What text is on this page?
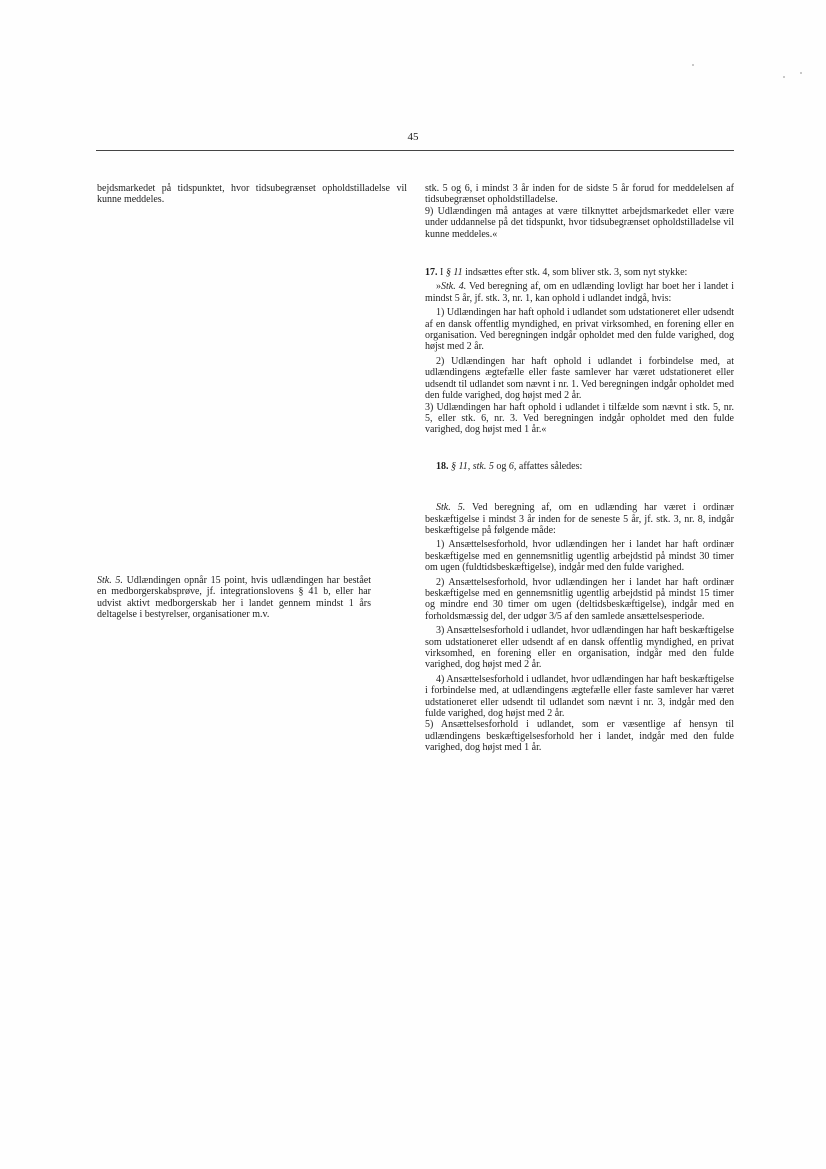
45

bejdsmarkedet på tidspunktet, hvor tidsubegrænset opholdstilladelse vil kunne meddeles.

Stk. 5. Udlændingen opnår 15 point, hvis udlændingen har bestået en medborgerskabsprøve, jf. integrationslovens § 41 b, eller har udvist aktivt medborgerskab her i landet gennem mindst 1 års deltagelse i bestyrelser, organisationer m.v.

stk. 5 og 6, i mindst 3 år inden for de sidste 5 år forud for meddelelsen af tidsubegrænset opholdstilladelse.

9) Udlændingen må antages at være tilknyttet arbejdsmarkedet eller være under uddannelse på det tidspunkt, hvor tidsubegrænset opholdstilladelse vil kunne meddeles.«

17. I § 11 indsættes efter stk. 4, som bliver stk. 3, som nyt stykke:

»Stk. 4. Ved beregning af, om en udlænding lovligt har boet her i landet i mindst 5 år, jf. stk. 3, nr. 1, kan ophold i udlandet indgå, hvis:

1) Udlændingen har haft ophold i udlandet som udstationeret eller udsendt af en dansk offentlig myndighed, en privat virksomhed, en forening eller en organisation. Ved beregningen indgår opholdet med den fulde varighed, dog højst med 2 år.

2) Udlændingen har haft ophold i udlandet i forbindelse med, at udlændingens ægtefælle eller faste samlever har været udstationeret eller udsendt til udlandet som nævnt i nr. 1. Ved beregningen indgår opholdet med den fulde varighed, dog højst med 2 år.

3) Udlændingen har haft ophold i udlandet i tilfælde som nævnt i stk. 5, nr. 5, eller stk. 6, nr. 3. Ved beregningen indgår opholdet med den fulde varighed, dog højst med 1 år.«

18. § 11, stk. 5 og 6, affattes således:

Stk. 5. Ved beregning af, om en udlænding har været i ordinær beskæftigelse i mindst 3 år inden for de seneste 5 år, jf. stk. 3, nr. 8, indgår beskæftigelse på følgende måde:

1) Ansættelsesforhold, hvor udlændingen her i landet har haft ordinær beskæftigelse med en gennemsnitlig ugentlig arbejdstid på mindst 30 timer om ugen (fuldtidsbeskæftigelse), indgår med den fulde varighed.

2) Ansættelsesforhold, hvor udlændingen her i landet har haft ordinær beskæftigelse med en gennemsnitlig ugentlig arbejdstid på mindst 15 timer og mindre end 30 timer om ugen (deltidsbeskæftigelse), indgår med en forholdsmæssig del, der udgør 3/5 af den samlede ansættelsesperiode.

3) Ansættelsesforhold i udlandet, hvor udlændingen har haft beskæftigelse som udstationeret eller udsendt af en dansk offentlig myndighed, en privat virksomhed, en forening eller en organisation, indgår med den fulde varighed, dog højst med 2 år.

4) Ansættelsesforhold i udlandet, hvor udlændingen har haft beskæftigelse i forbindelse med, at udlændingens ægtefælle eller faste samlever har været udstationeret eller udsendt til udlandet som nævnt i nr. 3, indgår med den fulde varighed, dog højst med 2 år.

5) Ansættelsesforhold i udlandet, som er væsentlige af hensyn til udlændingens beskæftigelsesforhold her i landet, indgår med den fulde varighed, dog højst med 1 år.
